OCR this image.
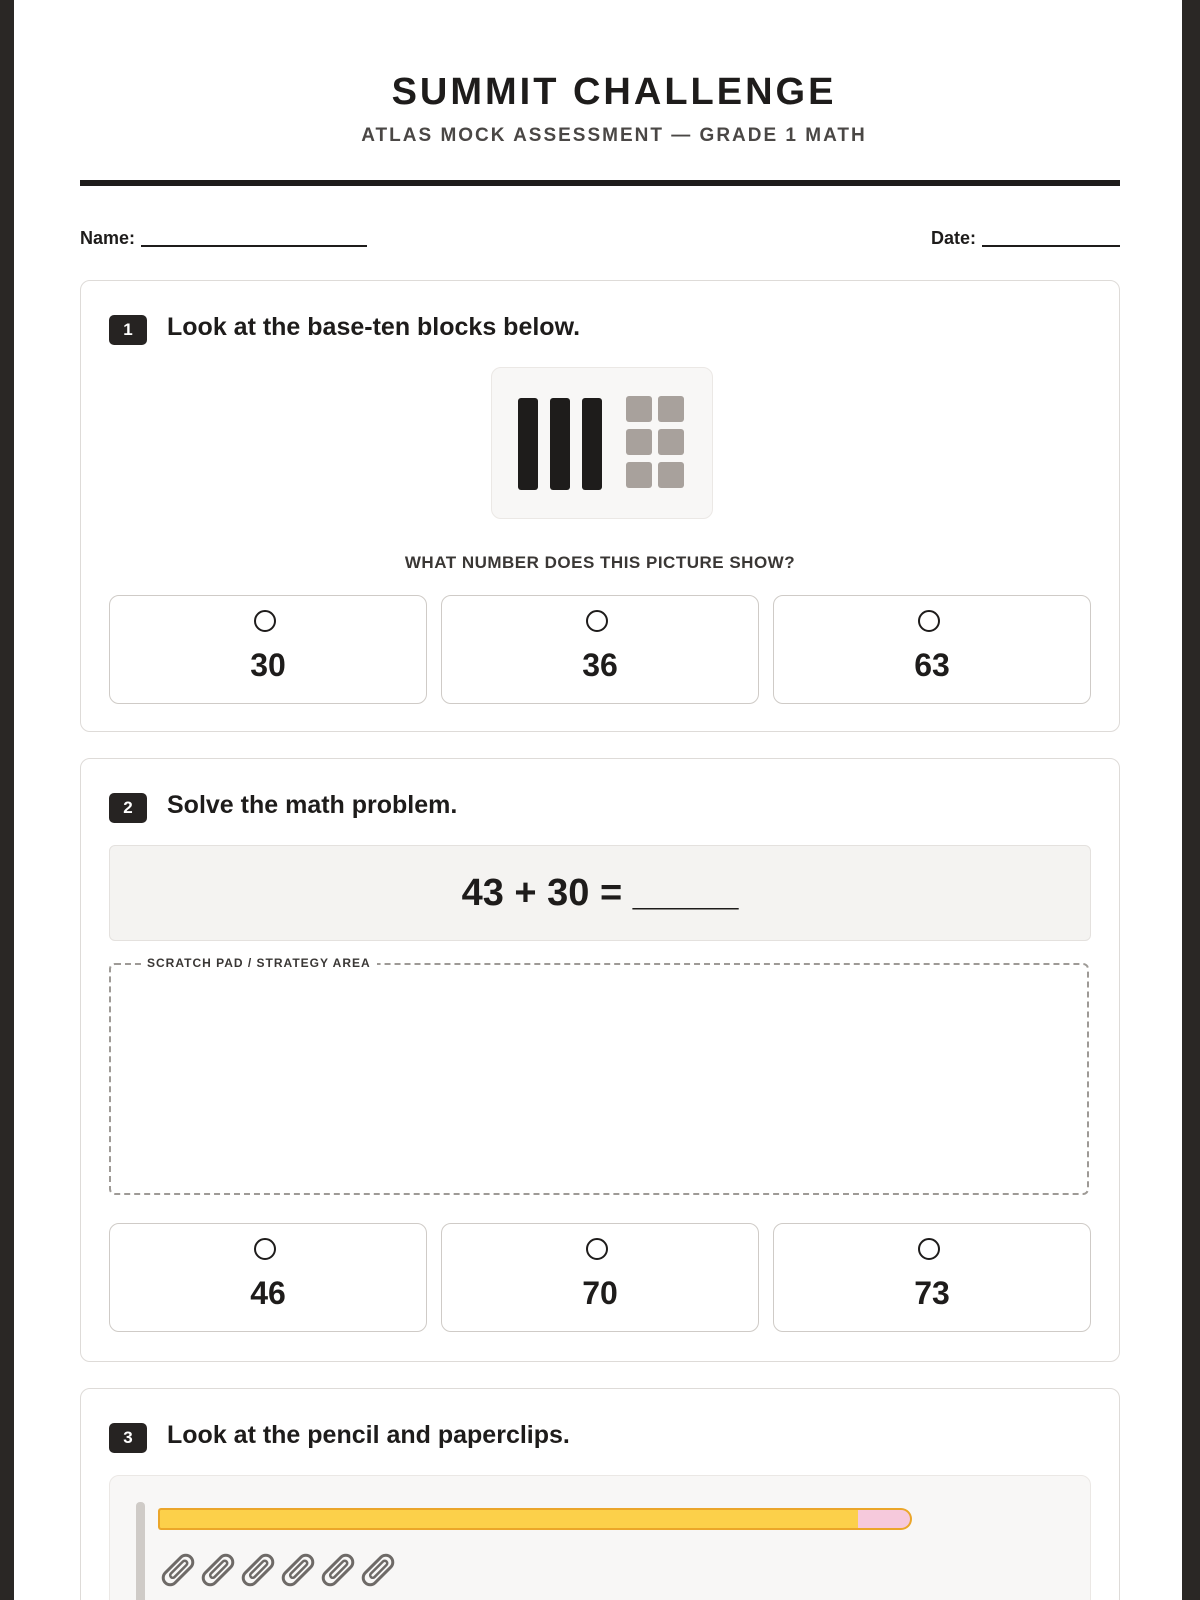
SUMMIT CHALLENGE
ATLAS MOCK ASSESSMENT — GRADE 1 MATH
Name:	Date:
1	Look at the base-ten blocks below.
WHAT NUMBER DOES THIS PICTURE SHOW?
30	36	63
2	Solve the math problem.
43 + 30 = _____
SCRATCH PAD / STRATEGY AREA
46	70	73
3	Look at the pencil and paperclips.
